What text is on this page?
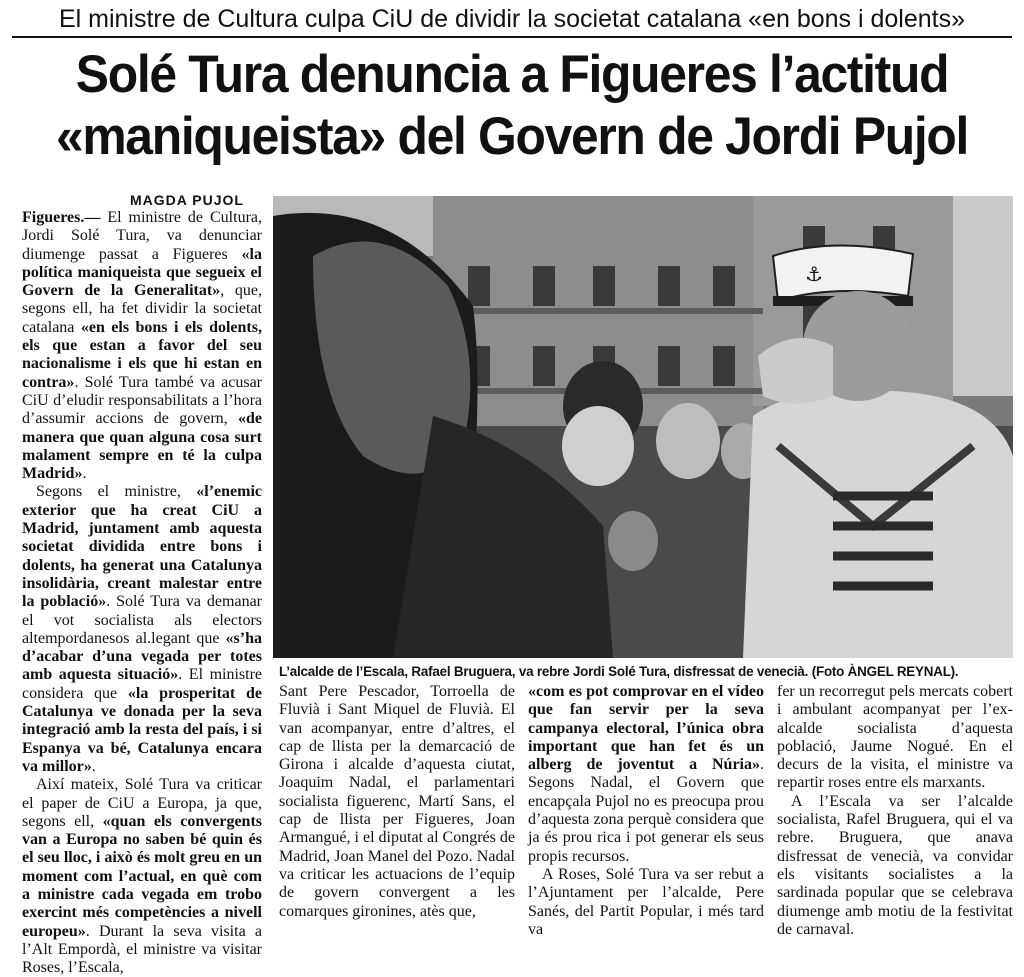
El ministre de Cultura culpa CiU de dividir la societat catalana «en bons i dolents»
Solé Tura denuncia a Figueres l’actitud
«maniqueista» del Govern de Jordi Pujol
MAGDA PUJOL

Figueres.— El ministre de Cultura, Jordi Solé Tura, va denunciar diumenge passat a Figueres «la política maniqueista que segueix el Govern de la Generalitat», que, segons ell, ha fet dividir la societat catalana «en els bons i els dolents, els que estan a favor del seu nacionalisme i els que hi estan en contra». Solé Tura també va acusar CiU d’eludir responsabilitats a l’hora d’assumir accions de govern, «de manera que quan alguna cosa surt malament sempre en té la culpa Madrid».

Segons el ministre, «l’enemic exterior que ha creat CiU a Madrid, juntament amb aquesta societat dividida entre bons i dolents, ha generat una Catalunya insolidària, creant malestar entre la població». Solé Tura va demanar el vot socialista als electors altempordanesos al.legant que «s’ha d’acabar d’una vegada per totes amb aquesta situació». El ministre considera que «la prosperitat de Catalunya ve donada per la seva integració amb la resta del país, i si Espanya va bé, Catalunya encara va millor».

Així mateix, Solé Tura va criticar el paper de CiU a Europa, ja que, segons ell, «quan els convergents van a Europa no saben bé quin és el seu lloc, i això és molt greu en un moment com l’actual, en què com a ministre cada vegada em trobo exercint més competències a nivell europeu». Durant la seva visita a l’Alt Empordà, el ministre va visitar Roses, l’Escala,

⚓
L’alcalde de l’Escala, Rafael Bruguera, va rebre Jordi Solé Tura, disfressat de venecià. (Foto ÀNGEL REYNAL).

Sant Pere Pescador, Torroella de Fluvià i Sant Miquel de Fluvià. El van acompanyar, entre d’altres, el cap de llista per la demarcació de Girona i alcalde d’aquesta ciutat, Joaquim Nadal, el parlamentari socialista figuerenc, Martí Sans, el cap de llista per Figueres, Joan Armangué, i el diputat al Congrés de Madrid, Joan Manel del Pozo. Nadal va criticar les actuacions de l’equip de govern convergent a les comarques gironines, atès que,

«com es pot comprovar en el vídeo que fan servir per la seva campanya electoral, l’única obra important que han fet és un alberg de joventut a Núria». Segons Nadal, el Govern que encapçala Pujol no es preocupa prou d’aquesta zona perquè considera que ja és prou rica i pot generar els seus propis recursos.

A Roses, Solé Tura va ser rebut a l’Ajuntament per l’alcalde, Pere Sanés, del Partit Popular, i més tard va

fer un recorregut pels mercats cobert i ambulant acompanyat per l’ex-alcalde socialista d’aquesta població, Jaume Nogué. En el decurs de la visita, el ministre va repartir roses entre els marxants.

A l’Escala va ser l’alcalde socialista, Rafel Bruguera, qui el va rebre. Bruguera, que anava disfressat de venecià, va convidar els visitants socialistes a la sardinada popular que se celebrava diumenge amb motiu de la festivitat de carnaval.
